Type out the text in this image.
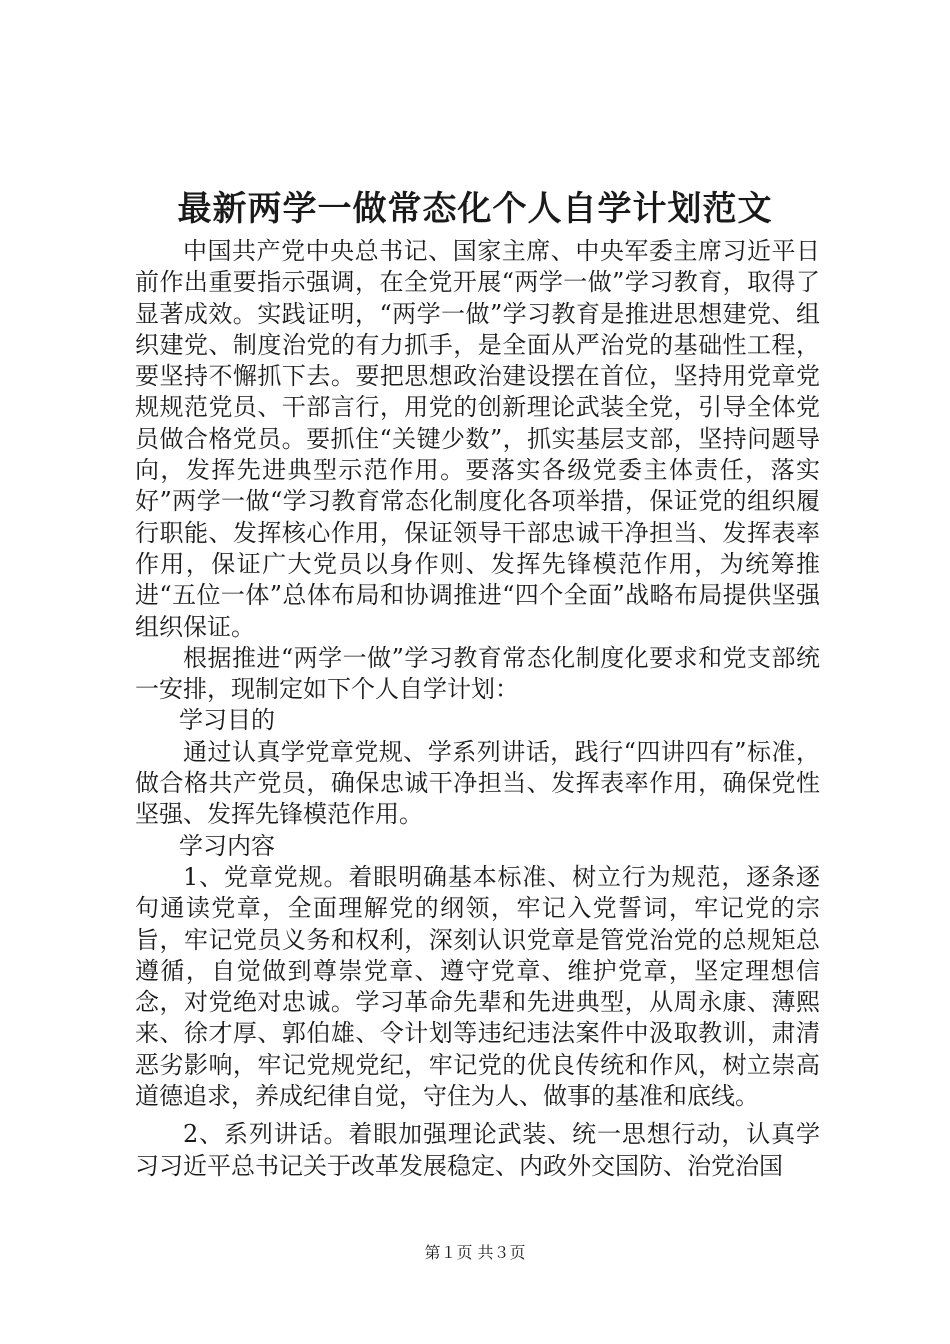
最新两学一做常态化个人自学计划范文

中国共产党中央总书记、国家主席、中央军委主席习近平日前作出重要指示强调，在全党开展“两学一做”学习教育，取得了显著成效。实践证明，“两学一做”学习教育是推进思想建党、组织建党、制度治党的有力抓手，是全面从严治党的基础性工程，要坚持不懈抓下去。要把思想政治建设摆在首位，坚持用党章党规规范党员、干部言行，用党的创新理论武装全党，引导全体党员做合格党员。要抓住“关键少数”，抓实基层支部，坚持问题导向，发挥先进典型示范作用。要落实各级党委主体责任，落实好”两学一做“学习教育常态化制度化各项举措，保证党的组织履行职能、发挥核心作用，保证领导干部忠诚干净担当、发挥表率作用，保证广大党员以身作则、发挥先锋模范作用，为统筹推进“五位一体”总体布局和协调推进“四个全面”战略布局提供坚强组织保证。

根据推进“两学一做”学习教育常态化制度化要求和党支部统一安排，现制定如下个人自学计划：

学习目的

通过认真学党章党规、学系列讲话，践行“四讲四有”标准，做合格共产党员，确保忠诚干净担当、发挥表率作用，确保党性坚强、发挥先锋模范作用。

学习内容

1、党章党规。着眼明确基本标准、树立行为规范，逐条逐句通读党章，全面理解党的纲领，牢记入党誓词，牢记党的宗旨，牢记党员义务和权利，深刻认识党章是管党治党的总规矩总遵循，自觉做到尊崇党章、遵守党章、维护党章，坚定理想信念，对党绝对忠诚。学习革命先辈和先进典型，从周永康、薄熙来、徐才厚、郭伯雄、令计划等违纪违法案件中汲取教训，肃清恶劣影响，牢记党规党纪，牢记党的优良传统和作风，树立崇高道德追求，养成纪律自觉，守住为人、做事的基准和底线。

2、系列讲话。着眼加强理论武装、统一思想行动，认真学习习近平总书记关于改革发展稳定、内政外交国防、治党治国

第１页 共３页
